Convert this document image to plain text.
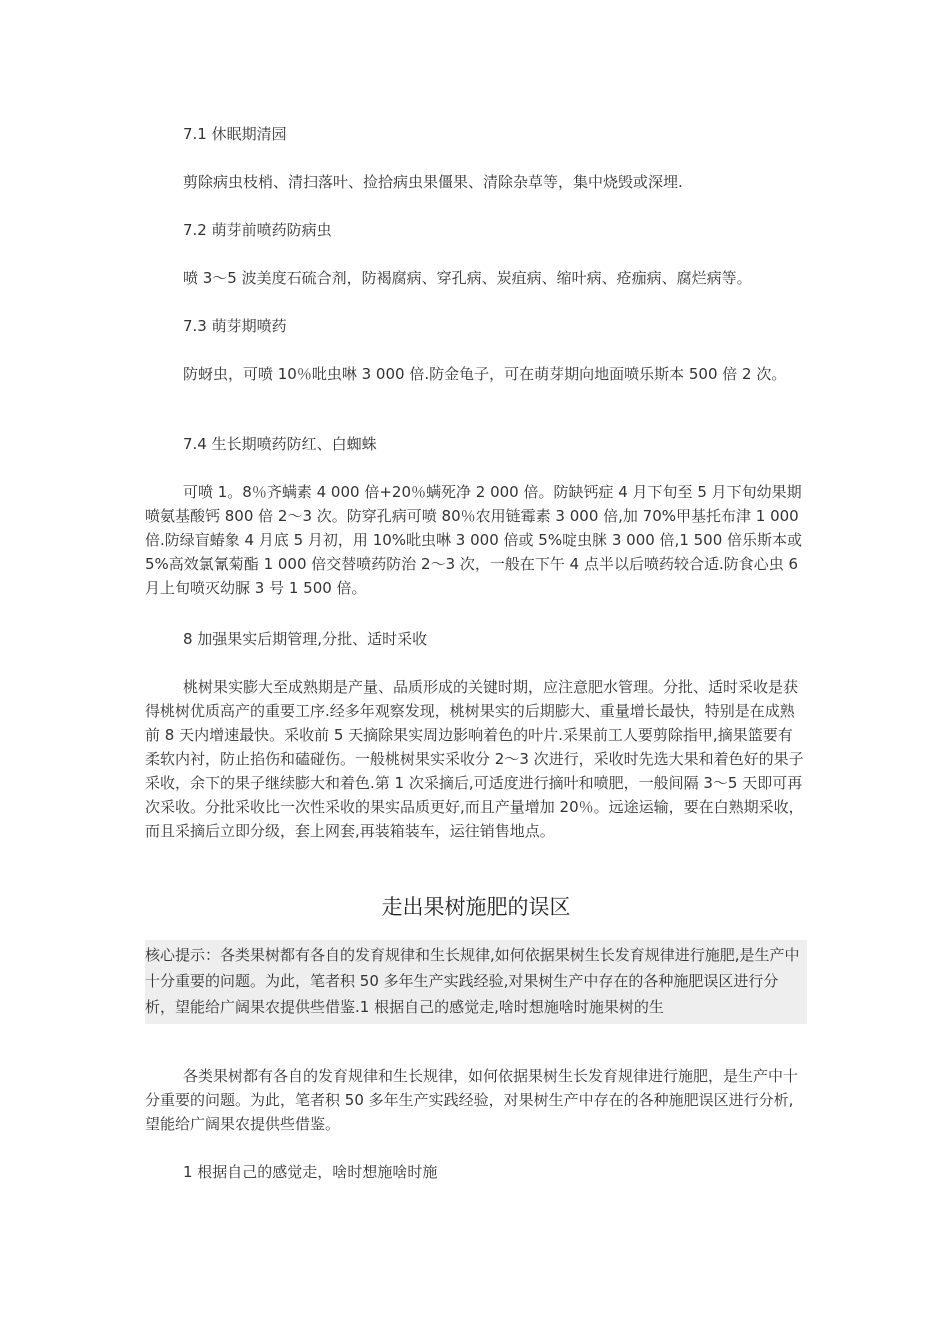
7.1 休眠期清园

剪除病虫枝梢、清扫落叶、捡拾病虫果僵果、清除杂草等，集中烧毁或深埋.

7.2 萌芽前喷药防病虫

喷 3～5 波美度石硫合剂，防褐腐病、穿孔病、炭疽病、缩叶病、疮痂病、腐烂病等。

7.3 萌芽期喷药

防蚜虫，可喷 10％吡虫啉 3 000 倍.防金龟子，可在萌芽期向地面喷乐斯本 500 倍 2 次。

7.4 生长期喷药防红、白蜘蛛

可喷 1。8％齐螨素 4 000 倍+20％螨死净 2 000 倍。防缺钙症 4 月下旬至 5 月下旬幼果期喷氨基酸钙 800 倍 2～3 次。防穿孔病可喷 80％农用链霉素 3 000 倍,加 70%甲基托布津 1 000 倍.防绿盲蝽象 4 月底 5 月初，用 10%吡虫啉 3 000 倍或 5%啶虫脒 3 000 倍,1 500 倍乐斯本或 5%高效氯氰菊酯 1 000 倍交替喷药防治 2～3 次，一般在下午 4 点半以后喷药较合适.防食心虫 6 月上旬喷灭幼脲 3 号 1 500 倍。

8 加强果实后期管理,分批、适时采收

桃树果实膨大至成熟期是产量、品质形成的关键时期，应注意肥水管理。分批、适时采收是获得桃树优质高产的重要工序.经多年观察发现，桃树果实的后期膨大、重量增长最快，特别是在成熟前 8 天内增速最快。采收前 5 天摘除果实周边影响着色的叶片.采果前工人要剪除指甲,摘果篮要有柔软内衬，防止掐伤和磕碰伤。一般桃树果实采收分 2～3 次进行，采收时先选大果和着色好的果子采收，余下的果子继续膨大和着色.第 1 次采摘后,可适度进行摘叶和喷肥，一般间隔 3～5 天即可再次采收。分批采收比一次性采收的果实品质更好,而且产量增加 20％。远途运输，要在白熟期采收，而且采摘后立即分级，套上网套,再装箱装车，运往销售地点。

走出果树施肥的误区
核心提示：各类果树都有各自的发育规律和生长规律,如何依据果树生长发育规律进行施肥,是生产中十分重要的问题。为此，笔者积 50 多年生产实践经验,对果树生产中存在的各种施肥误区进行分析，望能给广阔果农提供些借鉴.1 根据自己的感觉走,啥时想施啥时施果树的生

各类果树都有各自的发育规律和生长规律，如何依据果树生长发育规律进行施肥，是生产中十分重要的问题。为此，笔者积 50 多年生产实践经验，对果树生产中存在的各种施肥误区进行分析,望能给广阔果农提供些借鉴。

1 根据自己的感觉走，啥时想施啥时施
